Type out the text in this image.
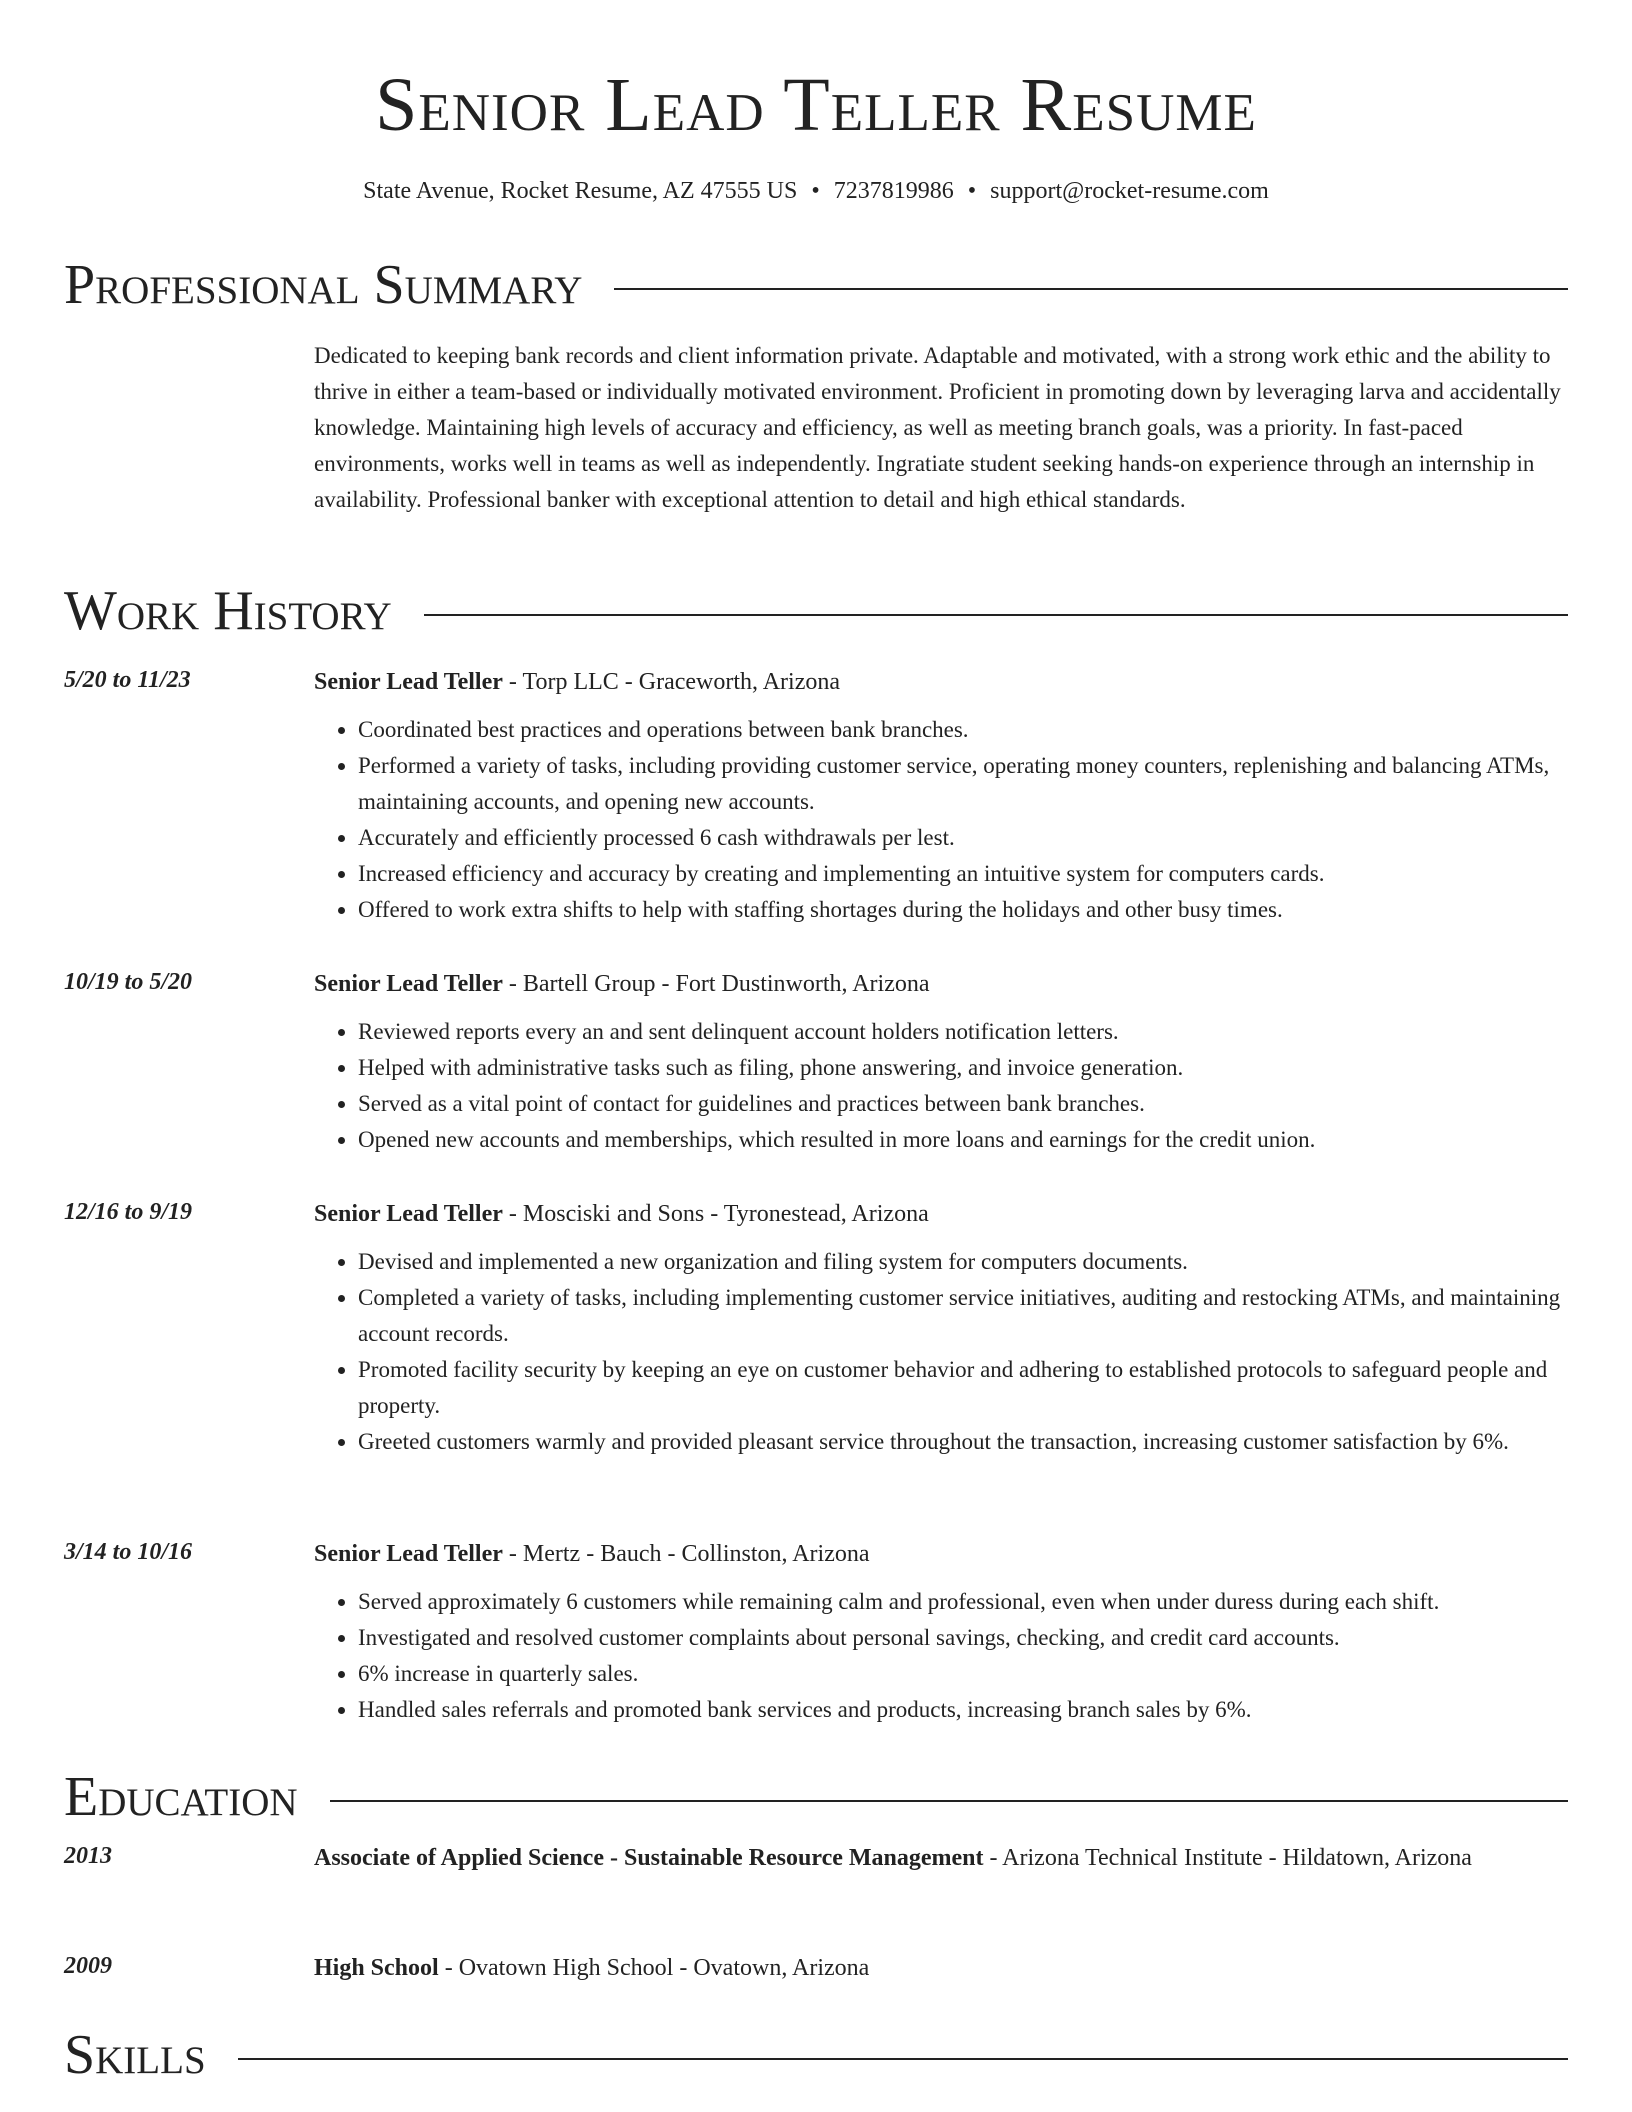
Senior Lead Teller Resume
State Avenue, Rocket Resume, AZ 47555 US • 7237819986 • support@rocket-resume.com
Professional Summary
Dedicated to keeping bank records and client information private. Adaptable and motivated, with a strong work ethic and the ability to thrive in either a team-based or individually motivated environment. Proficient in promoting down by leveraging larva and accidentally knowledge. Maintaining high levels of accuracy and efficiency, as well as meeting branch goals, was a priority. In fast-paced environments, works well in teams as well as independently. Ingratiate student seeking hands-on experience through an internship in availability. Professional banker with exceptional attention to detail and high ethical standards.
Work History
5/20 to 11/23	Senior Lead Teller - Torp LLC - Graceworth, Arizona
• Coordinated best practices and operations between bank branches.
• Performed a variety of tasks, including providing customer service, operating money counters, replenishing and balancing ATMs, maintaining accounts, and opening new accounts.
• Accurately and efficiently processed 6 cash withdrawals per lest.
• Increased efficiency and accuracy by creating and implementing an intuitive system for computers cards.
• Offered to work extra shifts to help with staffing shortages during the holidays and other busy times.
10/19 to 5/20	Senior Lead Teller - Bartell Group - Fort Dustinworth, Arizona
• Reviewed reports every an and sent delinquent account holders notification letters.
• Helped with administrative tasks such as filing, phone answering, and invoice generation.
• Served as a vital point of contact for guidelines and practices between bank branches.
• Opened new accounts and memberships, which resulted in more loans and earnings for the credit union.
12/16 to 9/19	Senior Lead Teller - Mosciski and Sons - Tyronestead, Arizona
• Devised and implemented a new organization and filing system for computers documents.
• Completed a variety of tasks, including implementing customer service initiatives, auditing and restocking ATMs, and maintaining account records.
• Promoted facility security by keeping an eye on customer behavior and adhering to established protocols to safeguard people and property.
• Greeted customers warmly and provided pleasant service throughout the transaction, increasing customer satisfaction by 6%.
3/14 to 10/16	Senior Lead Teller - Mertz - Bauch - Collinston, Arizona
• Served approximately 6 customers while remaining calm and professional, even when under duress during each shift.
• Investigated and resolved customer complaints about personal savings, checking, and credit card accounts.
• 6% increase in quarterly sales.
• Handled sales referrals and promoted bank services and products, increasing branch sales by 6%.
Education
2013	Associate of Applied Science - Sustainable Resource Management - Arizona Technical Institute - Hildatown, Arizona
2009	High School - Ovatown High School - Ovatown, Arizona
Skills
